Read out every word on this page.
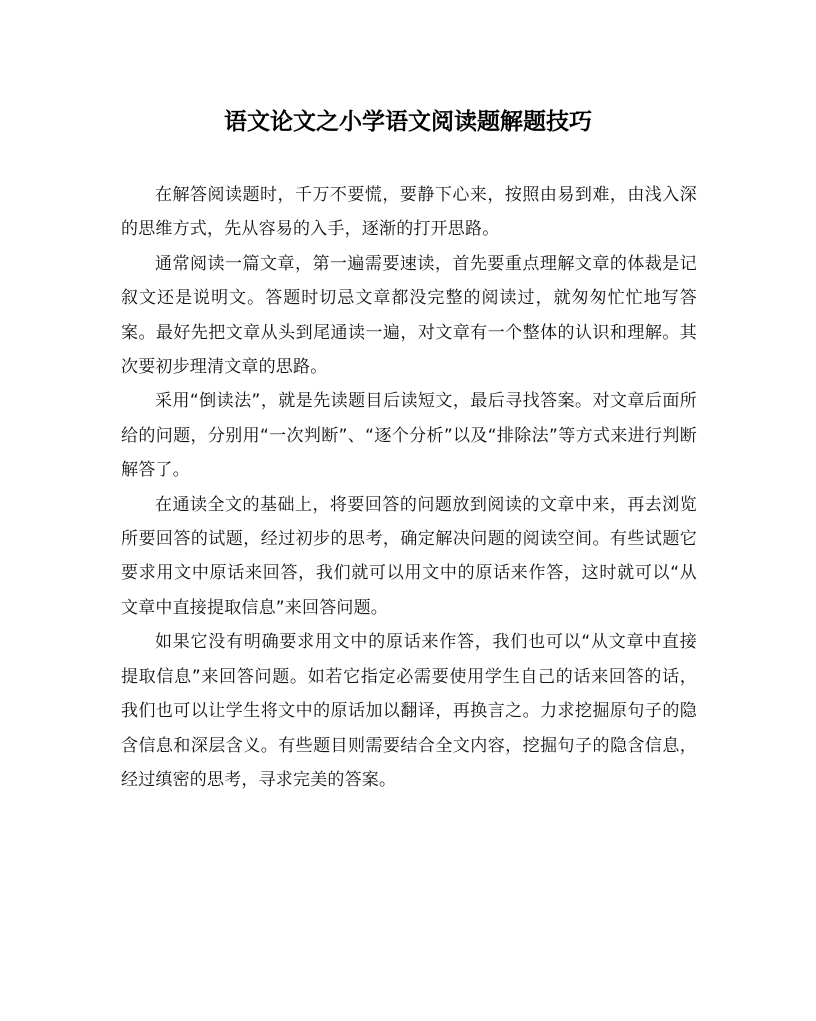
语文论文之小学语文阅读题解题技巧

在解答阅读题时，千万不要慌，要静下心来，按照由易到难，由浅入深的思维方式，先从容易的入手，逐渐的打开思路。

通常阅读一篇文章，第一遍需要速读，首先要重点理解文章的体裁是记叙文还是说明文。答题时切忌文章都没完整的阅读过，就匆匆忙忙地写答案。最好先把文章从头到尾通读一遍，对文章有一个整体的认识和理解。其次要初步理清文章的思路。

采用“倒读法”，就是先读题目后读短文，最后寻找答案。对文章后面所给的问题，分别用“一次判断”、“逐个分析”以及“排除法”等方式来进行判断解答了。

在通读全文的基础上，将要回答的问题放到阅读的文章中来，再去浏览所要回答的试题，经过初步的思考，确定解决问题的阅读空间。有些试题它要求用文中原话来回答，我们就可以用文中的原话来作答，这时就可以“从文章中直接提取信息”来回答问题。

如果它没有明确要求用文中的原话来作答，我们也可以“从文章中直接提取信息”来回答问题。如若它指定必需要使用学生自己的话来回答的话，我们也可以让学生将文中的原话加以翻译，再换言之。力求挖掘原句子的隐含信息和深层含义。有些题目则需要结合全文内容，挖掘句子的隐含信息，经过缜密的思考，寻求完美的答案。
